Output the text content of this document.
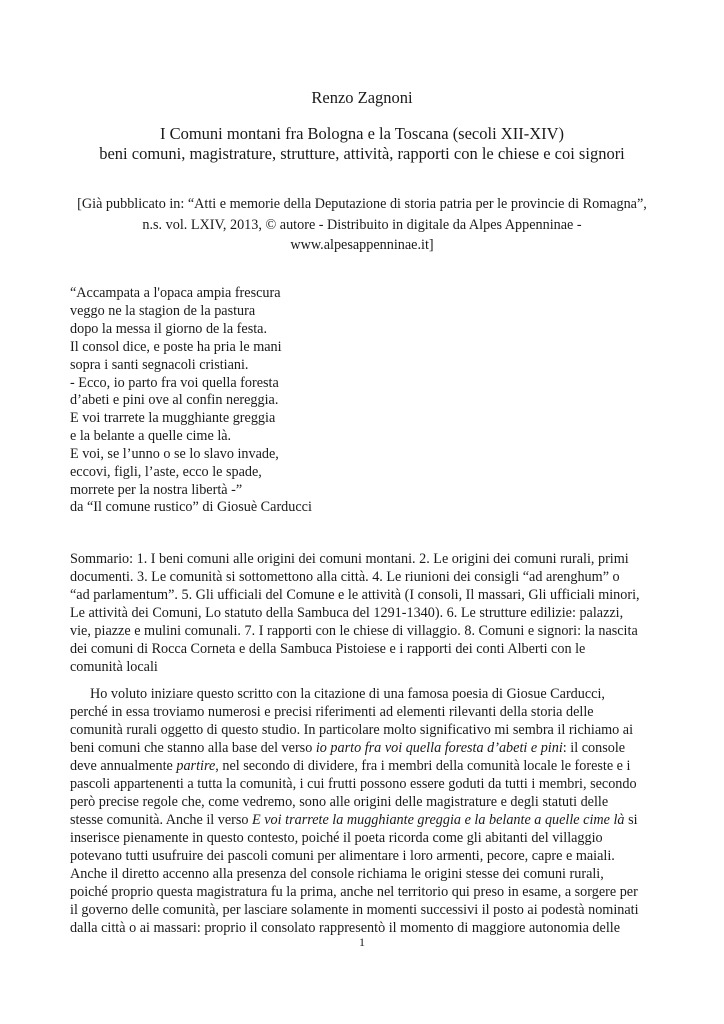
Renzo Zagnoni
I Comuni montani fra Bologna e la Toscana (secoli XII-XIV)
beni comuni, magistrature, strutture, attività, rapporti con le chiese e coi signori
[Già pubblicato in: “Atti e memorie della Deputazione di storia patria per le provincie di Romagna”,
n.s. vol. LXIV, 2013, © autore - Distribuito in digitale da Alpes Appenninae -
www.alpesappenninae.it]
“Accampata a l'opaca ampia frescura
veggo ne la stagion de la pastura
dopo la messa il giorno de la festa.
Il consol dice, e poste ha pria le mani
sopra i santi segnacoli cristiani.
- Ecco, io parto fra voi quella foresta
d’abeti e pini ove al confin nereggia.
E voi trarrete la mugghiante greggia
e la belante a quelle cime là.
E voi, se l’unno o se lo slavo invade,
eccovi, figli, l’aste, ecco le spade,
morrete per la nostra libertà -”
da “Il comune rustico” di Giosuè Carducci
Sommario: 1. I beni comuni alle origini dei comuni montani. 2. Le origini dei comuni rurali, primi
documenti. 3. Le comunità si sottomettono alla città. 4. Le riunioni dei consigli “ad arenghum” o
“ad parlamentum”. 5. Gli ufficiali del Comune e le attività (I consoli, Il massari, Gli ufficiali minori,
Le attività dei Comuni, Lo statuto della Sambuca del 1291-1340). 6. Le strutture edilizie: palazzi,
vie, piazze e mulini comunali. 7. I rapporti con le chiese di villaggio. 8. Comuni e signori: la nascita
dei comuni di Rocca Corneta e della Sambuca Pistoiese e i rapporti dei conti Alberti con le
comunità locali
Ho voluto iniziare questo scritto con la citazione di una famosa poesia di Giosue Carducci,
perché in essa troviamo numerosi e precisi riferimenti ad elementi rilevanti della storia delle
comunità rurali oggetto di questo studio. In particolare molto significativo mi sembra il richiamo ai
beni comuni che stanno alla base del verso io parto fra voi quella foresta d’abeti e pini: il console
deve annualmente partire, nel secondo di dividere, fra i membri della comunità locale le foreste e i
pascoli appartenenti a tutta la comunità, i cui frutti possono essere goduti da tutti i membri, secondo
però precise regole che, come vedremo, sono alle origini delle magistrature e degli statuti delle
stesse comunità. Anche il verso E voi trarrete la mugghiante greggia e la belante a quelle cime là si
inserisce pienamente in questo contesto, poiché il poeta ricorda come gli abitanti del villaggio
potevano tutti usufruire dei pascoli comuni per alimentare i loro armenti, pecore, capre e maiali.
Anche il diretto accenno alla presenza del console richiama le origini stesse dei comuni rurali,
poiché proprio questa magistratura fu la prima, anche nel territorio qui preso in esame, a sorgere per
il governo delle comunità, per lasciare solamente in momenti successivi il posto ai podestà nominati
dalla città o ai massari: proprio il consolato rappresentò il momento di maggiore autonomia delle
1
